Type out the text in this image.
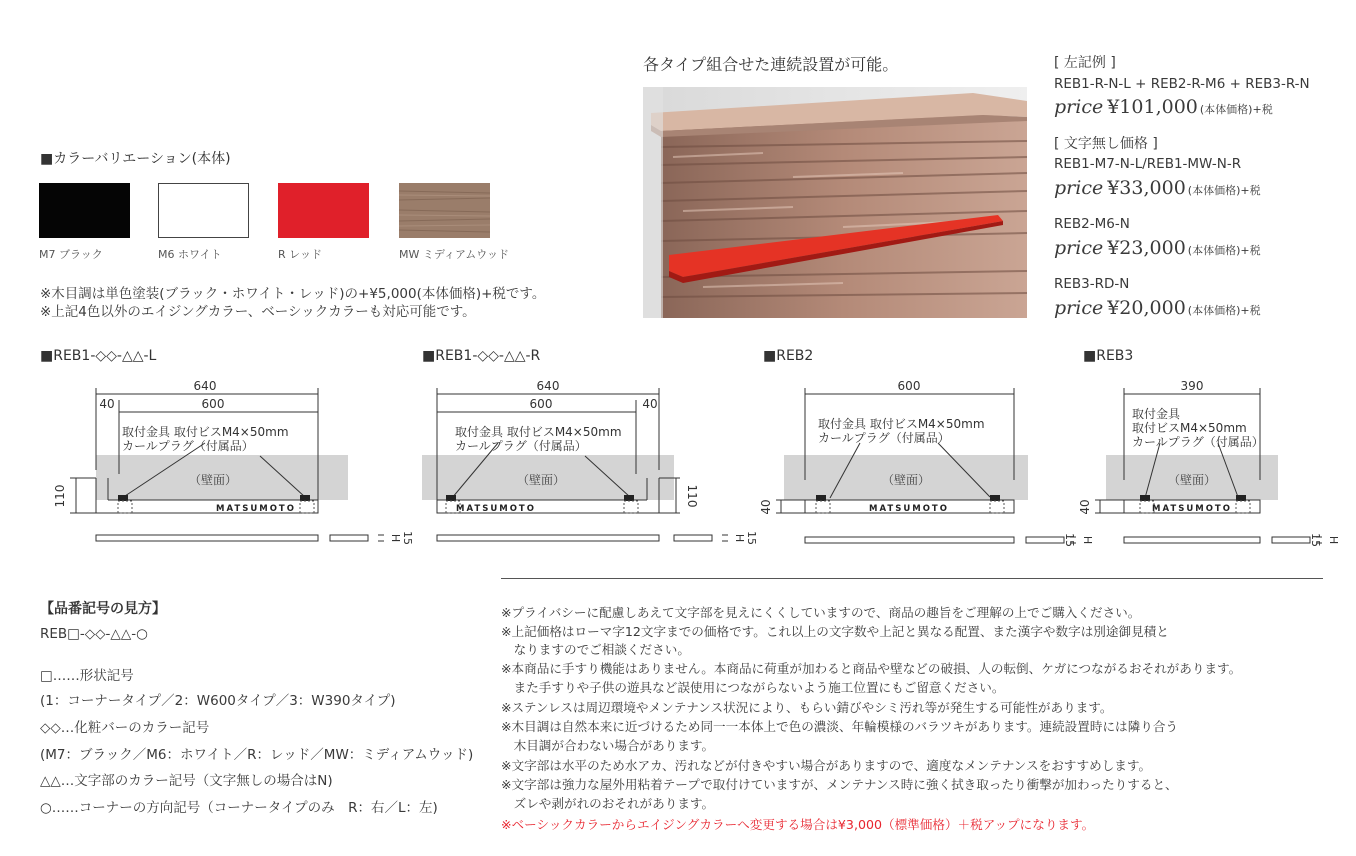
各タイプ組合せた連続設置が可能。	[ 左記例 ]
REB1-R-N-L + REB2-R-M6 + REB3-R-N
price ¥101,000 (本体価格)+税
[ 文字無し価格 ]
REB1-M7-N-L/REB1-MW-N-R
price ¥33,000 (本体価格)+税
REB2-M6-N
price ¥23,000 (本体価格)+税
REB3-RD-N
price ¥20,000 (本体価格)+税
■カラーバリエーション(本体)
M7 ブラック	M6 ホワイト	R レッド	MW ミディアムウッド
※木目調は単色塗装(ブラック・ホワイト・レッド)の+¥5,000(本体価格)+税です。
※上記4色以外のエイジングカラー、ベーシックカラーも対応可能です。
■REB1-◇◇-△△-L	■REB1-◇◇-△△-R	■REB2	■REB3
640
600
40
110
640
600	40
110
600
40
390
40
H 15	H 15	H
15	H
15
取付金具 取付ビスM4×50mm
カールプラグ（付属品）
取付金具 取付ビスM4×50mm
カールプラグ（付属品）
取付金具 取付ビスM4×50mm
カールプラグ（付属品）
取付金具
取付ビスM4×50mm
カールプラグ（付属品）
（壁面）	（壁面）	（壁面）	（壁面）
MATSUMOTO	MATSUMOTO	MATSUMOTO	MATSUMOTO
【品番記号の見方】
REB□-◇◇-△△-○
□……形状記号
(1：コーナータイプ／2：W600タイプ／3：W390タイプ)
◇◇…化粧バーのカラー記号
(M7：ブラック／M6：ホワイト／R：レッド／MW：ミディアムウッド)
△△…文字部のカラー記号（文字無しの場合はN)
○……コーナーの方向記号（コーナータイプのみ　R：右／L：左)
※プライバシーに配慮しあえて文字部を見えにくくしていますので、商品の趣旨をご理解の上でご購入ください。
※上記価格はローマ字12文字までの価格です。これ以上の文字数や上記と異なる配置、また漢字や数字は別途御見積と
　なりますのでご相談ください。
※本商品に手すり機能はありません。本商品に荷重が加わると商品や壁などの破損、人の転倒、ケガにつながるおそれがあります。
　また手すりや子供の遊具など誤使用につながらないよう施工位置にもご留意ください。
※ステンレスは周辺環境やメンテナンス状況により、もらい錆びやシミ汚れ等が発生する可能性があります。
※木目調は自然本来に近づけるため同一一本体上で色の濃淡、年輪模様のバラツキがあります。連続設置時には隣り合う
　木目調が合わない場合があります。
※文字部は水平のため水アカ、汚れなどが付きやすい場合がありますので、適度なメンテナンスをおすすめします。
※文字部は強力な屋外用粘着テープで取付けていますが、メンテナンス時に強く拭き取ったり衝撃が加わったりすると、
　ズレや剥がれのおそれがあります。
※ベーシックカラーからエイジングカラーへ変更する場合は¥3,000（標準価格）＋税アップになります。
